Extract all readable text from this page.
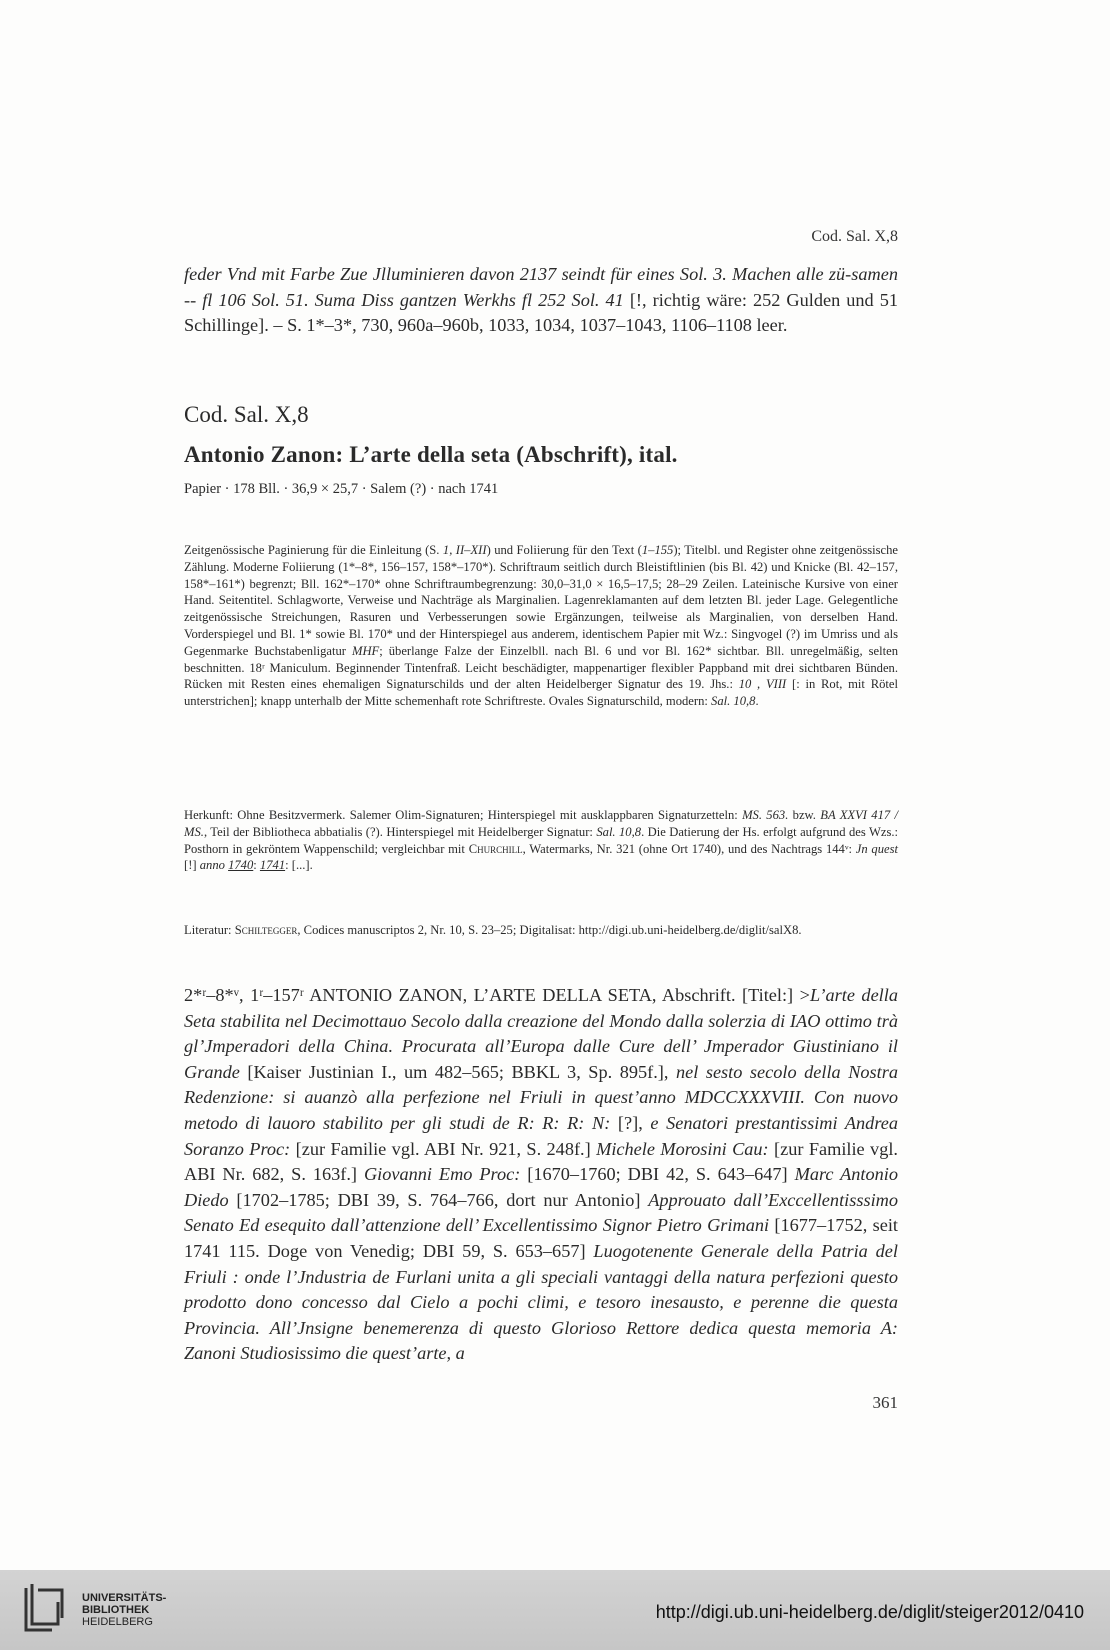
Cod. Sal. X,8

feder Vnd mit Farbe Zue Jlluminieren davon 2137 seindt für eines Sol. 3. Machen alle zü-samen -- fl 106 Sol. 51. Suma Diss gantzen Werkhs fl 252 Sol. 41 [!, richtig wäre: 252 Gulden und 51 Schillinge]. – S. 1*–3*, 730, 960a–960b, 1033, 1034, 1037–1043, 1106–1108 leer.

Cod. Sal. X,8

Antonio Zanon: L’arte della seta (Abschrift), ital.

Papier · 178 Bll. · 36,9 × 25,7 · Salem (?) · nach 1741

Zeitgenössische Paginierung für die Einleitung (S. 1, II–XII) und Foliierung für den Text (1–155); Titelbl. und Register ohne zeitgenössische Zählung. Moderne Foliierung (1*–8*, 156–157, 158*–170*). Schriftraum seitlich durch Bleistiftlinien (bis Bl. 42) und Knicke (Bl. 42–157, 158*–161*) begrenzt; Bll. 162*–170* ohne Schriftraumbegrenzung: 30,0–31,0 × 16,5–17,5; 28–29 Zeilen. Lateinische Kursive von einer Hand. Seitentitel. Schlagworte, Verweise und Nachträge als Marginalien. Lagenreklamanten auf dem letzten Bl. jeder Lage. Gelegentliche zeitgenössische Streichungen, Rasuren und Verbesserungen sowie Ergänzungen, teilweise als Marginalien, von derselben Hand. Vorderspiegel und Bl. 1* sowie Bl. 170* und der Hinterspiegel aus anderem, identischem Papier mit Wz.: Singvogel (?) im Umriss und als Gegenmarke Buchstabenligatur MHF; überlange Falze der Einzelbll. nach Bl. 6 und vor Bl. 162* sichtbar. Bll. unregelmäßig, selten beschnitten. 18ʳ Maniculum. Beginnender Tintenfraß. Leicht beschädigter, mappenartiger flexibler Pappband mit drei sichtbaren Bünden. Rücken mit Resten eines ehemaligen Signaturschilds und der alten Heidelberger Signatur des 19. Jhs.: 10 , VIII [: in Rot, mit Rötel unterstrichen]; knapp unterhalb der Mitte schemenhaft rote Schriftreste. Ovales Signaturschild, modern: Sal. 10,8.

Herkunft: Ohne Besitzvermerk. Salemer Olim-Signaturen; Hinterspiegel mit ausklappbaren Signaturzetteln: MS. 563. bzw. BA XXVI 417 / MS., Teil der Bibliotheca abbatialis (?). Hinterspiegel mit Heidelberger Signatur: Sal. 10,8. Die Datierung der Hs. erfolgt aufgrund des Wzs.: Posthorn in gekröntem Wappenschild; vergleichbar mit Churchill, Watermarks, Nr. 321 (ohne Ort 1740), und des Nachtrags 144ᵛ: Jn quest [!] anno 1740: 1741: [...].

Literatur: Schiltegger, Codices manuscriptos 2, Nr. 10, S. 23–25; Digitalisat: http://digi.ub.uni-heidelberg.de/diglit/salX8.

2*ʳ–8*ᵛ, 1ʳ–157ʳ ANTONIO ZANON, L’ARTE DELLA SETA, Abschrift. [Titel:] >L’arte della Seta stabilita nel Decimottauo Secolo dalla creazione del Mondo dalla solerzia di IAO ottimo trà gl’Jmperadori della China. Procurata all’Europa dalle Cure dell’ Jmperador Giustiniano il Grande [Kaiser Justinian I., um 482–565; BBKL 3, Sp. 895f.], nel sesto secolo della Nostra Redenzione: si auanzò alla perfezione nel Friuli in quest’anno MDCCXXXVIII. Con nuovo metodo di lauoro stabilito per gli studi de R: R: R: N: [?], e Senatori prestantissimi Andrea Soranzo Proc: [zur Familie vgl. ABI Nr. 921, S. 248f.] Michele Morosini Cau: [zur Familie vgl. ABI Nr. 682, S. 163f.] Giovanni Emo Proc: [1670–1760; DBI 42, S. 643–647] Marc Antonio Diedo [1702–1785; DBI 39, S. 764–766, dort nur Antonio] Approuato dall’Exccellentisssimo Senato Ed esequito dall’attenzione dell’ Excellentissimo Signor Pietro Grimani [1677–1752, seit 1741 115. Doge von Venedig; DBI 59, S. 653–657] Luogotenente Generale della Patria del Friuli : onde l’Jndustria de Furlani unita a gli speciali vantaggi della natura perfezioni questo prodotto dono concesso dal Cielo a pochi climi, e tesoro inesausto, e perenne die questa Provincia. All’Jnsigne benemerenza di questo Glorioso Rettore dedica questa memoria A: Zanoni Studiosissimo die quest’arte, a

361
UNIVERSITÄTS-
BIBLIOTHEK
HEIDELBERG	http://digi.ub.uni-heidelberg.de/diglit/steiger2012/0410
